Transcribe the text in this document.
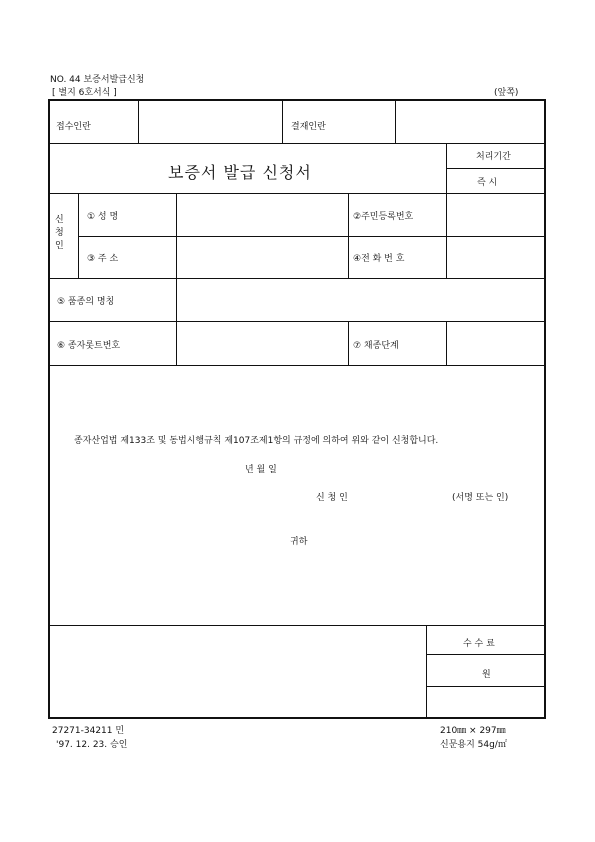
NO. 44 보증서발급신청
[ 별지 6호서식 ]	(앞쪽)
접수인란	결재인란
보증서 발급 신청서
처리기간
즉 시
신
청
인
① 성 명	②주민등록번호
③ 주 소	④전 화 번 호
⑤ 품종의 명칭
⑥ 종자롯트번호	⑦ 채종단계
종자산업법 제133조 및 동법시행규칙 제107조제1항의 규정에 의하여 위와 같이 신청합니다.
년 월 일
신 청 인	(서명 또는 인)
귀하
수 수 료
원
27271-34211 민
'97. 12. 23. 승인
210㎜ × 297㎜
신문용지 54g/㎡
